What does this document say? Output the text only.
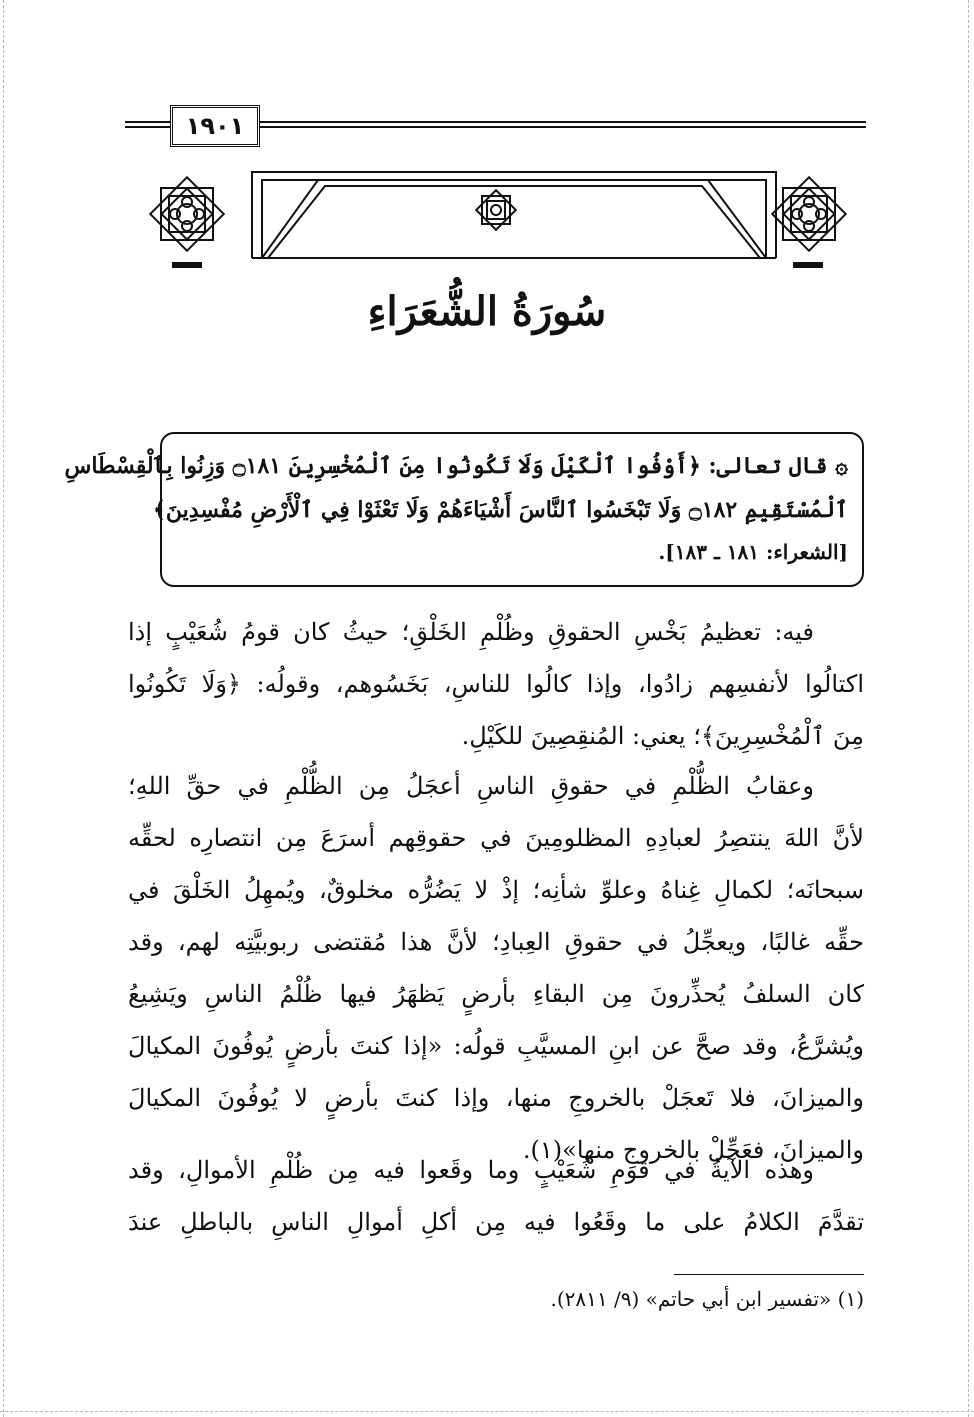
١٩٠١
سُورَةُ الشُّعَرَاءِ
۞ قال تعالى: ﴿أَوْفُوا ٱلْكَيْلَ وَلَا تَكُونُوا مِنَ ٱلْمُخْسِرِينَ ۝١٨١ وَزِنُوا بِٱلْقِسْطَاسِ
ٱلْمُسْتَقِيمِ ۝١٨٢ وَلَا تَبْخَسُوا ٱلنَّاسَ أَشْيَاءَهُمْ وَلَا تَعْثَوْا فِي ٱلْأَرْضِ مُفْسِدِينَ﴾
[الشعراء: ١٨١ ـ ١٨٣].
فيه: تعظيمُ بَخْسِ الحقوقِ وظُلْمِ الخَلْقِ؛ حيثُ كان قومُ شُعَيْبٍ إذا
اكتالُوا لأنفسِهم زادُوا، وإذا كالُوا للناسِ، بَخَسُوهم، وقولُه: ﴿وَلَا تَكُونُوا
مِنَ ٱلْمُخْسِرِينَ﴾؛ يعني: المُنقِصِينَ للكَيْلِ.
وعقابُ الظُّلْمِ في حقوقِ الناسِ أعجَلُ مِن الظُّلْمِ في حقِّ اللهِ؛
لأنَّ اللهَ ينتصِرُ لعبادِهِ المظلومِينَ في حقوقِهم أسرَعَ مِن انتصارِه لحقِّه
سبحانَه؛ لكمالِ غِناهُ وعلوِّ شأنِه؛ إذْ لا يَضُرُّه مخلوقٌ، ويُمهِلُ الخَلْقَ في
حقِّه غالبًا، ويعجِّلُ في حقوقِ العِبادِ؛ لأنَّ هذا مُقتضى ربوبيَّتِه لهم، وقد
كان السلفُ يُحذِّرونَ مِن البقاءِ بأرضٍ يَظهَرُ فيها ظُلْمُ الناسِ ويَشِيعُ
ويُشرَّعُ، وقد صحَّ عن ابنِ المسيَّبِ قولُه: «إذا كنتَ بأرضٍ يُوفُونَ المكيالَ
والميزانَ، فلا تَعجَلْ بالخروجِ منها، وإذا كنتَ بأرضٍ لا يُوفُونَ المكيالَ
والميزانَ، فعَجِّلْ بالخروجِ منها»(١).
وهذه الآيةُ في قومِ شُعَيْبٍ وما وقَعوا فيه مِن ظُلْمِ الأموالِ، وقد
تقدَّمَ الكلامُ على ما وقَعُوا فيه مِن أكلِ أموالِ الناسِ بالباطلِ عندَ
(١) «تفسير ابن أبي حاتم» (٩/ ٢٨١١).
